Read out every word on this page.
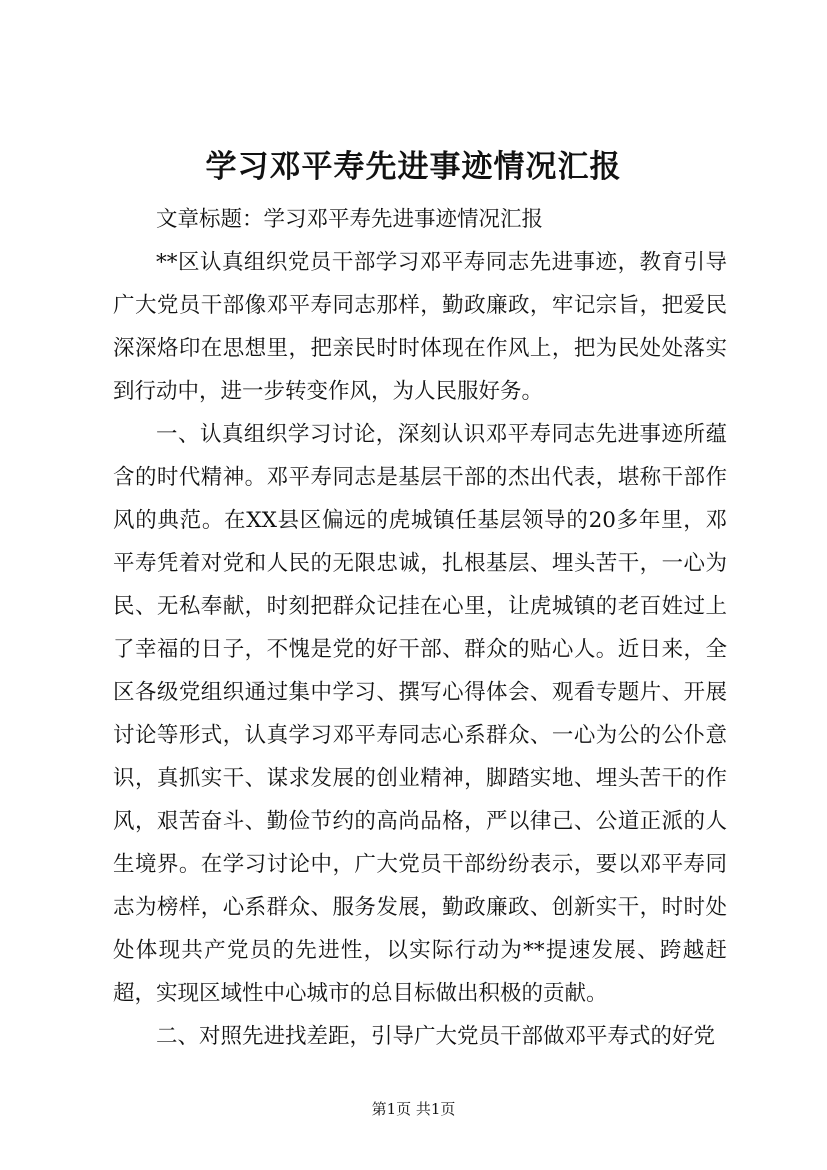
学习邓平寿先进事迹情况汇报

文章标题：学习邓平寿先进事迹情况汇报

**区认真组织党员干部学习邓平寿同志先进事迹，教育引导广大党员干部像邓平寿同志那样，勤政廉政，牢记宗旨，把爱民深深烙印在思想里，把亲民时时体现在作风上，把为民处处落实到行动中，进一步转变作风，为人民服好务。

一、认真组织学习讨论，深刻认识邓平寿同志先进事迹所蕴含的时代精神。邓平寿同志是基层干部的杰出代表，堪称干部作风的典范。在XX县区偏远的虎城镇任基层领导的20多年里，邓平寿凭着对党和人民的无限忠诚，扎根基层、埋头苦干，一心为民、无私奉献，时刻把群众记挂在心里，让虎城镇的老百姓过上了幸福的日子，不愧是党的好干部、群众的贴心人。近日来，全区各级党组织通过集中学习、撰写心得体会、观看专题片、开展讨论等形式，认真学习邓平寿同志心系群众、一心为公的公仆意识，真抓实干、谋求发展的创业精神，脚踏实地、埋头苦干的作风，艰苦奋斗、勤俭节约的高尚品格，严以律己、公道正派的人生境界。在学习讨论中，广大党员干部纷纷表示，要以邓平寿同志为榜样，心系群众、服务发展，勤政廉政、创新实干，时时处处体现共产党员的先进性，以实际行动为**提速发展、跨越赶超，实现区域性中心城市的总目标做出积极的贡献。

二、对照先进找差距，引导广大党员干部做邓平寿式的好党

第1页 共1页
